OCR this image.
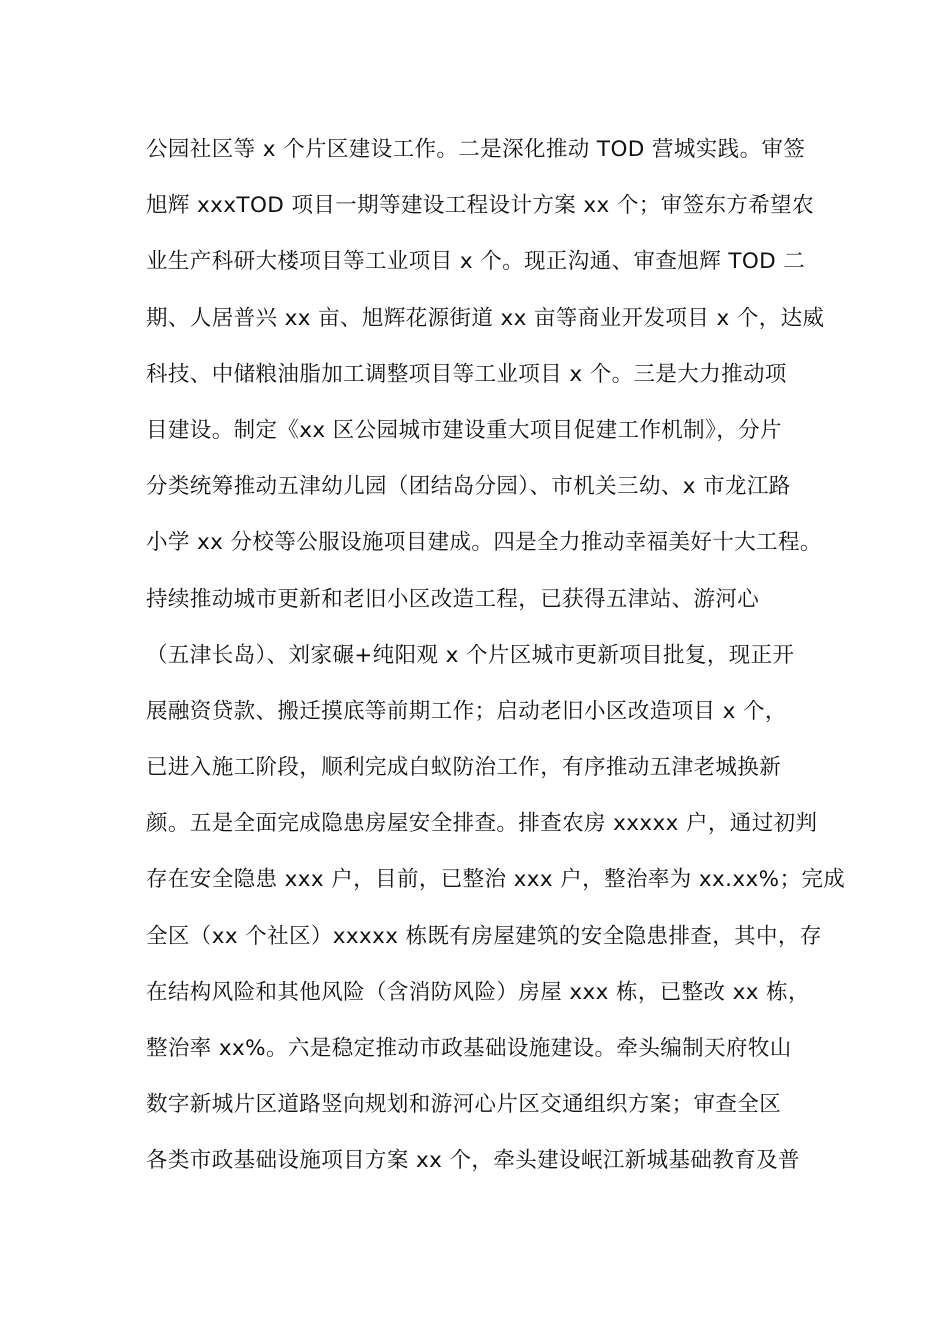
公园社区等 x 个片区建设工作。二是深化推动 TOD 营城实践。审签
旭辉 xxxTOD 项目一期等建设工程设计方案 xx 个；审签东方希望农
业生产科研大楼项目等工业项目 x 个。现正沟通、审查旭辉 TOD 二
期、人居普兴 xx 亩、旭辉花源街道 xx 亩等商业开发项目 x 个，达威
科技、中储粮油脂加工调整项目等工业项目 x 个。三是大力推动项
目建设。制定《xx 区公园城市建设重大项目促建工作机制》，分片
分类统筹推动五津幼儿园（团结岛分园）、市机关三幼、x 市龙江路
小学 xx 分校等公服设施项目建成。四是全力推动幸福美好十大工程。
持续推动城市更新和老旧小区改造工程，已获得五津站、游河心
（五津长岛）、刘家碾+纯阳观 x 个片区城市更新项目批复，现正开
展融资贷款、搬迁摸底等前期工作；启动老旧小区改造项目 x 个，
已进入施工阶段，顺利完成白蚁防治工作，有序推动五津老城换新
颜。五是全面完成隐患房屋安全排查。排查农房 xxxxx 户，通过初判
存在安全隐患 xxx 户，目前，已整治 xxx 户，整治率为 xx.xx%；完成
全区（xx 个社区）xxxxx 栋既有房屋建筑的安全隐患排查，其中，存
在结构风险和其他风险（含消防风险）房屋 xxx 栋，已整改 xx 栋，
整治率 xx%。六是稳定推动市政基础设施建设。牵头编制天府牧山
数字新城片区道路竖向规划和游河心片区交通组织方案；审查全区
各类市政基础设施项目方案 xx 个，牵头建设岷江新城基础教育及普
